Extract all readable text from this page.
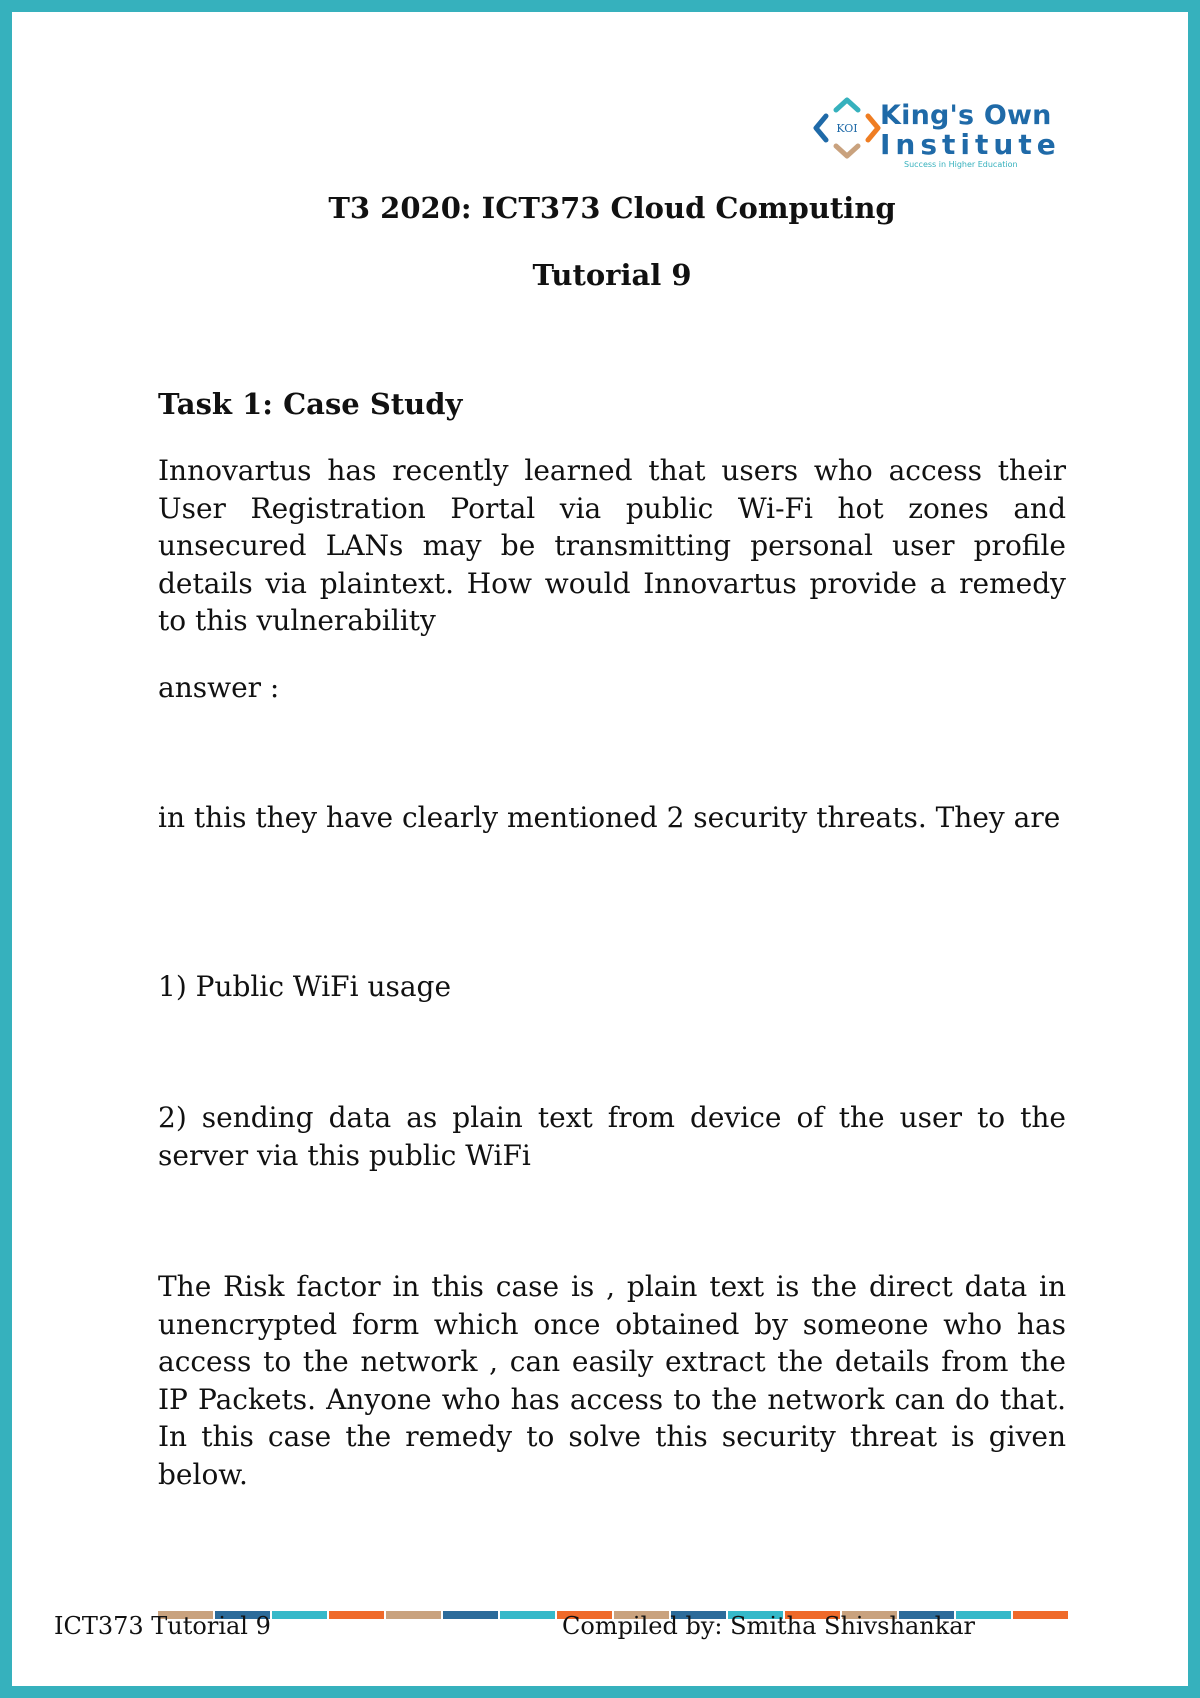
KOI King's Own
Institute
Success in Higher Education
T3 2020: ICT373 Cloud Computing
Tutorial 9
Task 1: Case Study

Innovartus has recently learned that users who access their User Registration Portal via public Wi-Fi hot zones and unsecured LANs may be transmitting personal user profile details via plaintext. How would Innovartus provide a remedy to this vulnerability

answer :

in this they have clearly mentioned 2 security threats. They are

1) Public WiFi usage

2) sending data as plain text from device of the user to the server via this public WiFi

The Risk factor in this case is , plain text is the direct data in unencrypted form which once obtained by someone who has access to the network , can easily extract the details from the IP Packets. Anyone who has access to the network can do that. In this case the remedy to solve this security threat is given below.

ICT373 Tutorial 9	Compiled by: Smitha Shivshankar
